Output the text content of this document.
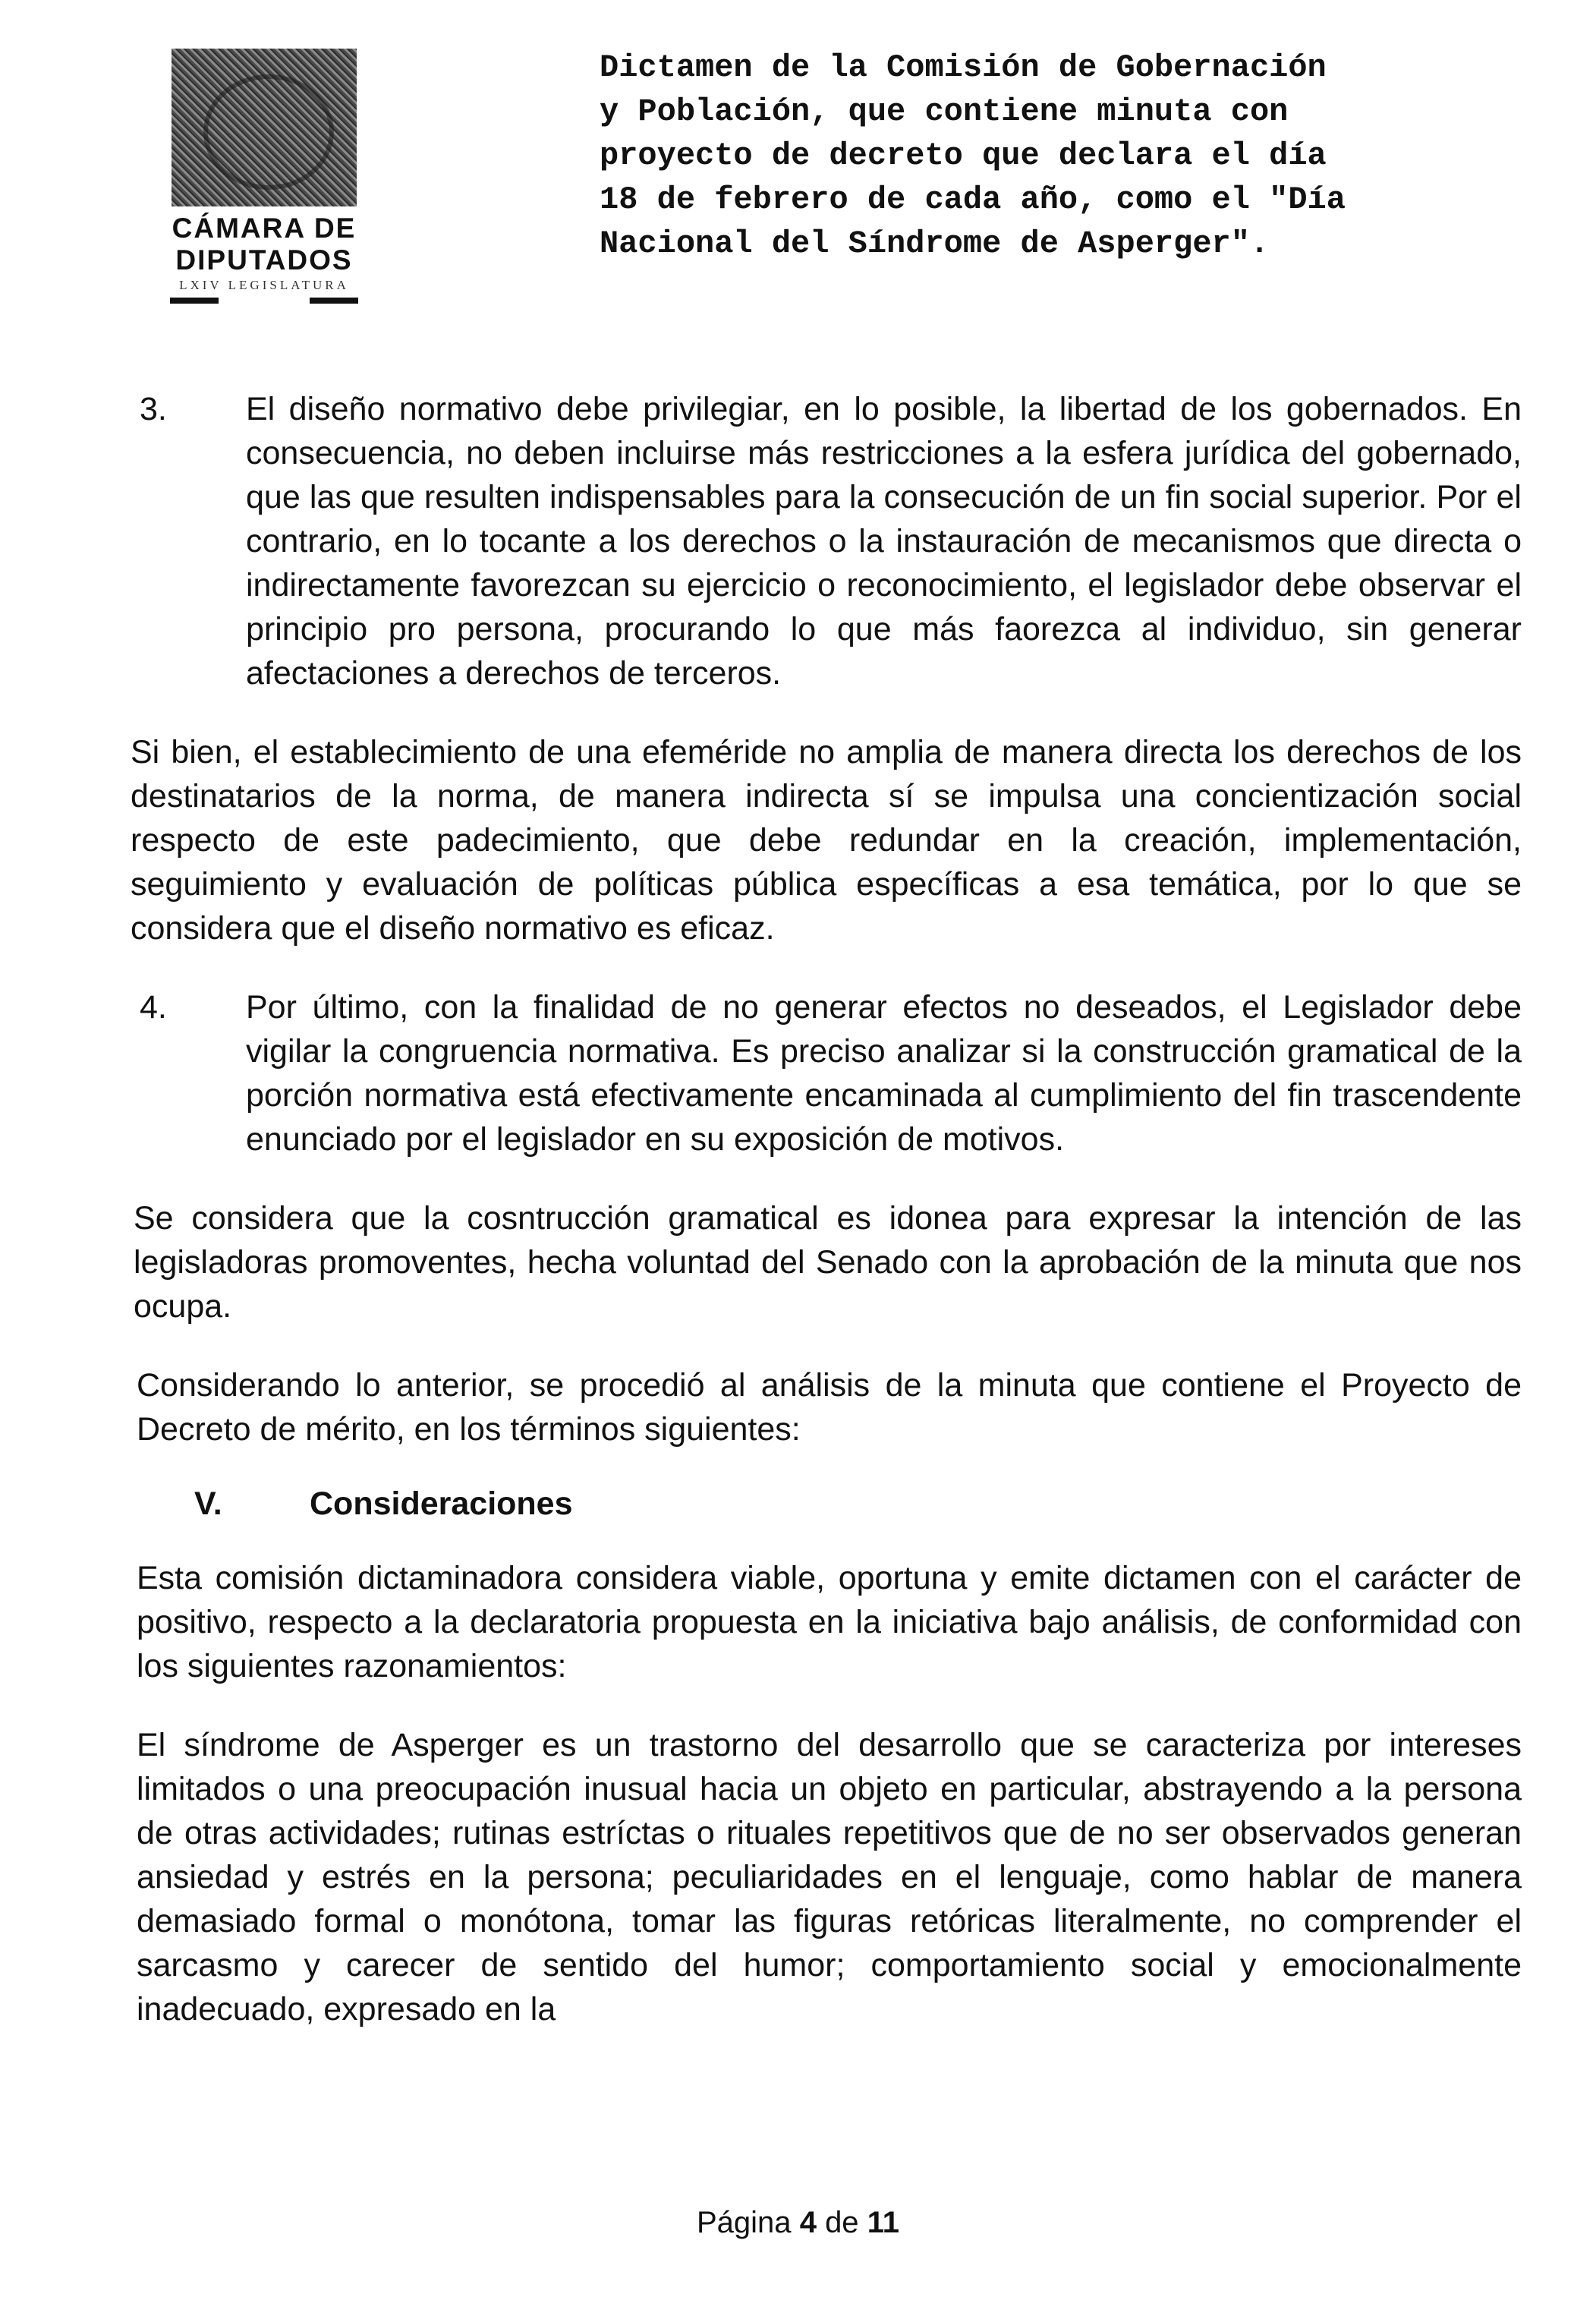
CÁMARA DE
DIPUTADOS
LXIV LEGISLATURA
Dictamen de la Comisión de Gobernación
y Población, que contiene minuta con
proyecto de decreto que declara el día
18 de febrero de cada año, como el "Día
Nacional del Síndrome de Asperger".
3.	El diseño normativo debe privilegiar, en lo posible, la libertad de los gobernados. En consecuencia, no deben incluirse más restricciones a la esfera jurídica del gobernado, que las que resulten indispensables para la consecución de un fin social superior. Por el contrario, en lo tocante a los derechos o la instauración de mecanismos que directa o indirectamente favorezcan su ejercicio o reconocimiento, el legislador debe observar el principio pro persona, procurando lo que más faorezca al individuo, sin generar afectaciones a derechos de terceros.

Si bien, el establecimiento de una efeméride no amplia de manera directa los derechos de los destinatarios de la norma, de manera indirecta sí se impulsa una concientización social respecto de este padecimiento, que debe redundar en la creación, implementación, seguimiento y evaluación de políticas pública específicas a esa temática, por lo que se considera que el diseño normativo es eficaz.

4.	Por último, con la finalidad de no generar efectos no deseados, el Legislador debe vigilar la congruencia normativa. Es preciso analizar si la construcción gramatical de la porción normativa está efectivamente encaminada al cumplimiento del fin trascendente enunciado por el legislador en su exposición de motivos.

Se considera que la cosntrucción gramatical es idonea para expresar la intención de las legisladoras promoventes, hecha voluntad del Senado con la aprobación de la minuta que nos ocupa.

Considerando lo anterior, se procedió al análisis de la minuta que contiene el Proyecto de Decreto de mérito, en los términos siguientes:

V.	Consideraciones

Esta comisión dictaminadora considera viable, oportuna y emite dictamen con el carácter de positivo, respecto a la declaratoria propuesta en la iniciativa bajo análisis, de conformidad con los siguientes razonamientos:

El síndrome de Asperger es un trastorno del desarrollo que se caracteriza por intereses limitados o una preocupación inusual hacia un objeto en particular, abstrayendo a la persona de otras actividades; rutinas estríctas o rituales repetitivos que de no ser observados generan ansiedad y estrés en la persona; peculiaridades en el lenguaje, como hablar de manera demasiado formal o monótona, tomar las figuras retóricas literalmente, no comprender el sarcasmo y carecer de sentido del humor; comportamiento social y emocionalmente inadecuado, expresado en la

Página 4 de 11
